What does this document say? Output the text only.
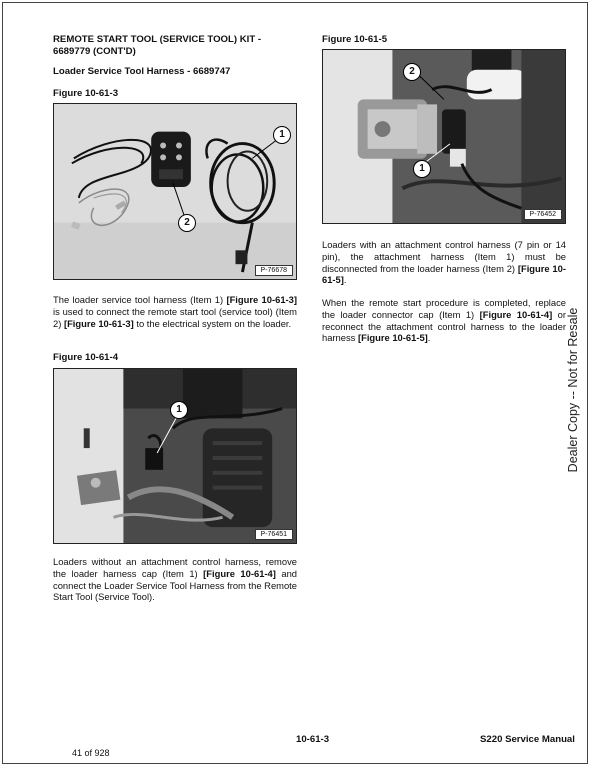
REMOTE START TOOL (SERVICE TOOL) KIT -
6689779 (CONT'D)
Loader Service Tool Harness - 6689747
Figure 10-61-3
1
2
P-76678
The loader service tool harness (Item 1) [Figure 10-61-3] is used to connect the remote start tool (service tool) (Item 2) [Figure 10-61-3] to the electrical system on the loader.
Figure 10-61-4
1
P-76451
Loaders without an attachment control harness, remove the loader harness cap (Item 1) [Figure 10-61-4] and connect the Loader Service Tool Harness from the Remote Start Tool (Service Tool).
Figure 10-61-5
2
1
P-76452
Loaders with an attachment control harness (7 pin or 14 pin), the attachment harness (Item 1) must be disconnected from the loader harness (Item 2) [Figure 10-61-5].
When the remote start procedure is completed, replace the loader connector cap (Item 1) [Figure 10-61-4] or reconnect the attachment control harness to the loader harness [Figure 10-61-5].	Dealer Copy -- Not for Resale
10-61-3	S220 Service Manual
41 of 928
